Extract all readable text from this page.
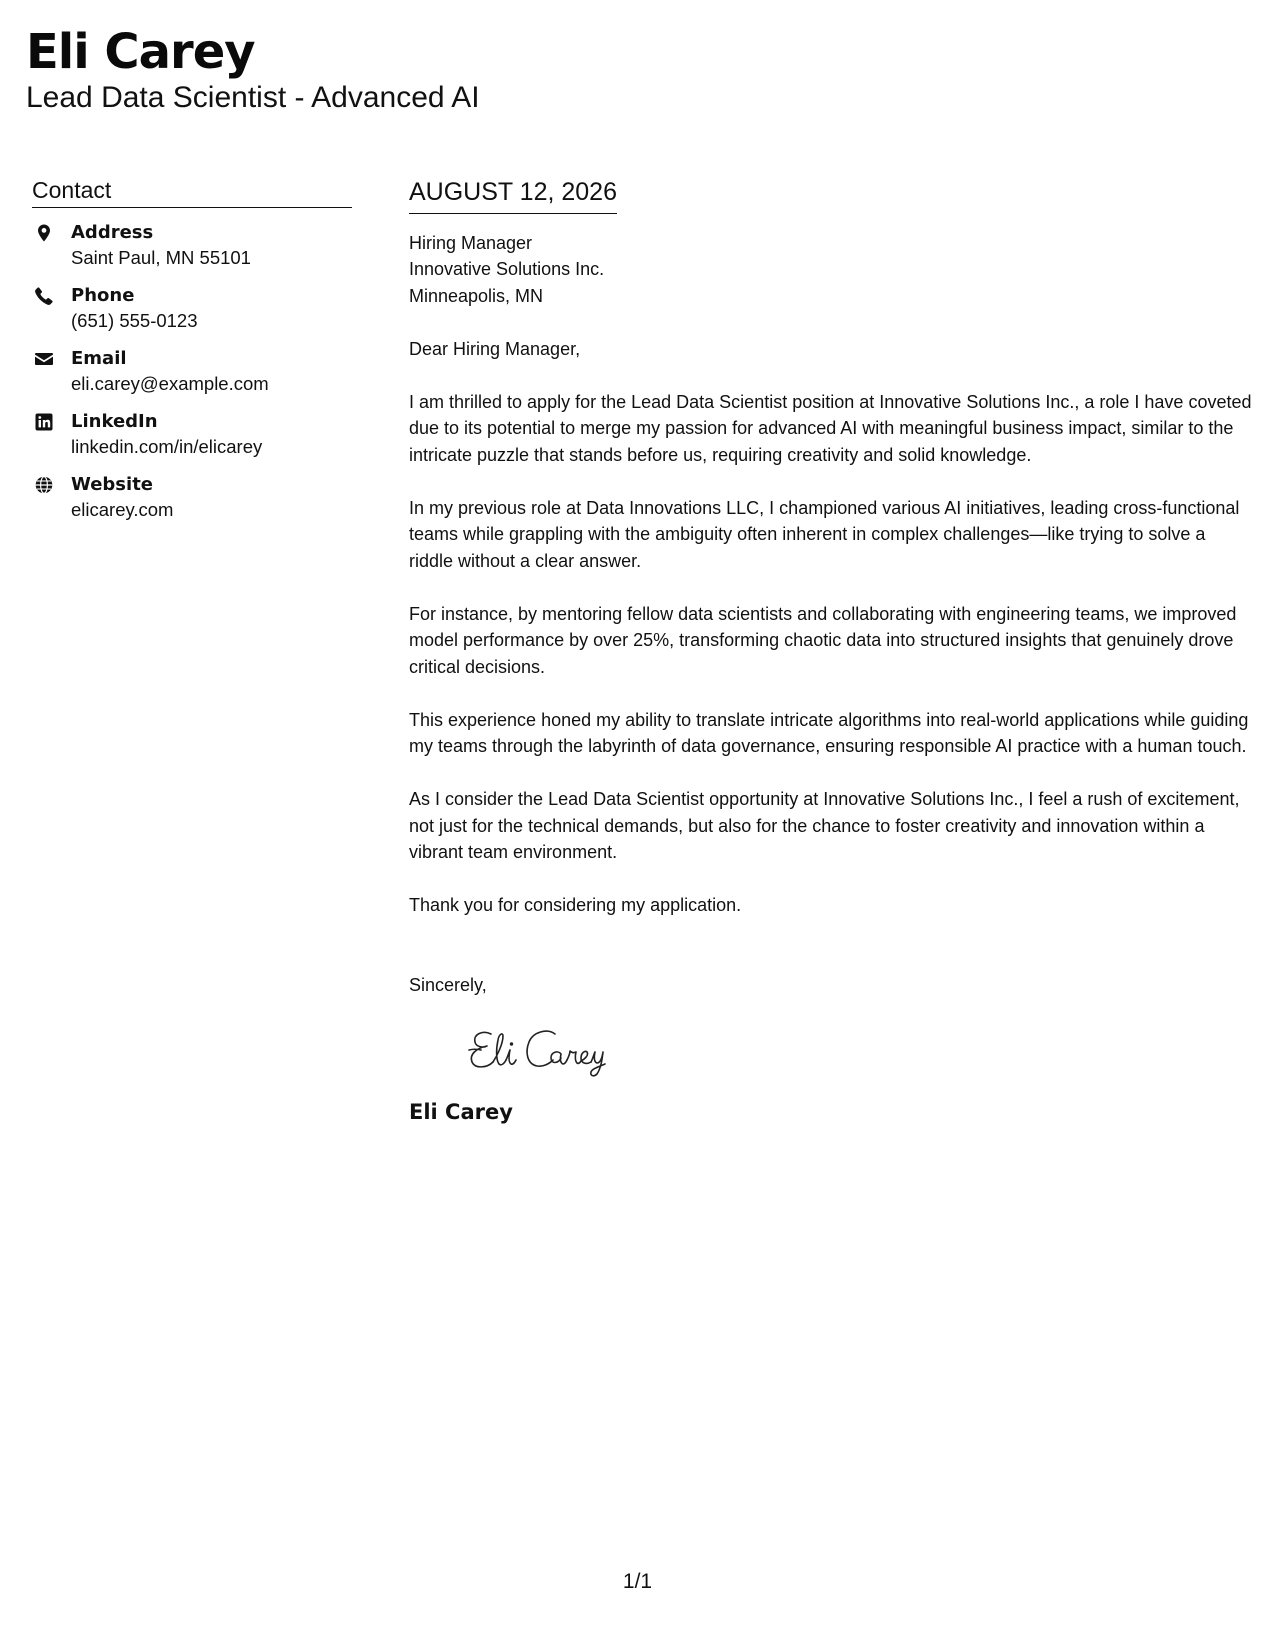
Eli Carey
Lead Data Scientist - Advanced AI
Contact
Address
Saint Paul, MN 55101
Phone
(651) 555-0123
Email
eli.carey@example.com
LinkedIn
linkedin.com/in/elicarey
Website
elicarey.com
AUGUST 12, 2026
Hiring Manager
Innovative Solutions Inc.
Minneapolis, MN
Dear Hiring Manager,
I am thrilled to apply for the Lead Data Scientist position at Innovative Solutions Inc., a role I have coveted due to its potential to merge my passion for advanced AI with meaningful business impact, similar to the intricate puzzle that stands before us, requiring creativity and solid knowledge.
In my previous role at Data Innovations LLC, I championed various AI initiatives, leading cross-functional teams while grappling with the ambiguity often inherent in complex challenges—like trying to solve a riddle without a clear answer.
For instance, by mentoring fellow data scientists and collaborating with engineering teams, we improved model performance by over 25%, transforming chaotic data into structured insights that genuinely drove critical decisions.
This experience honed my ability to translate intricate algorithms into real-world applications while guiding my teams through the labyrinth of data governance, ensuring responsible AI practice with a human touch.
As I consider the Lead Data Scientist opportunity at Innovative Solutions Inc., I feel a rush of excitement, not just for the technical demands, but also for the chance to foster creativity and innovation within a vibrant team environment.
Thank you for considering my application.
Sincerely,
Eli Carey
1/1
